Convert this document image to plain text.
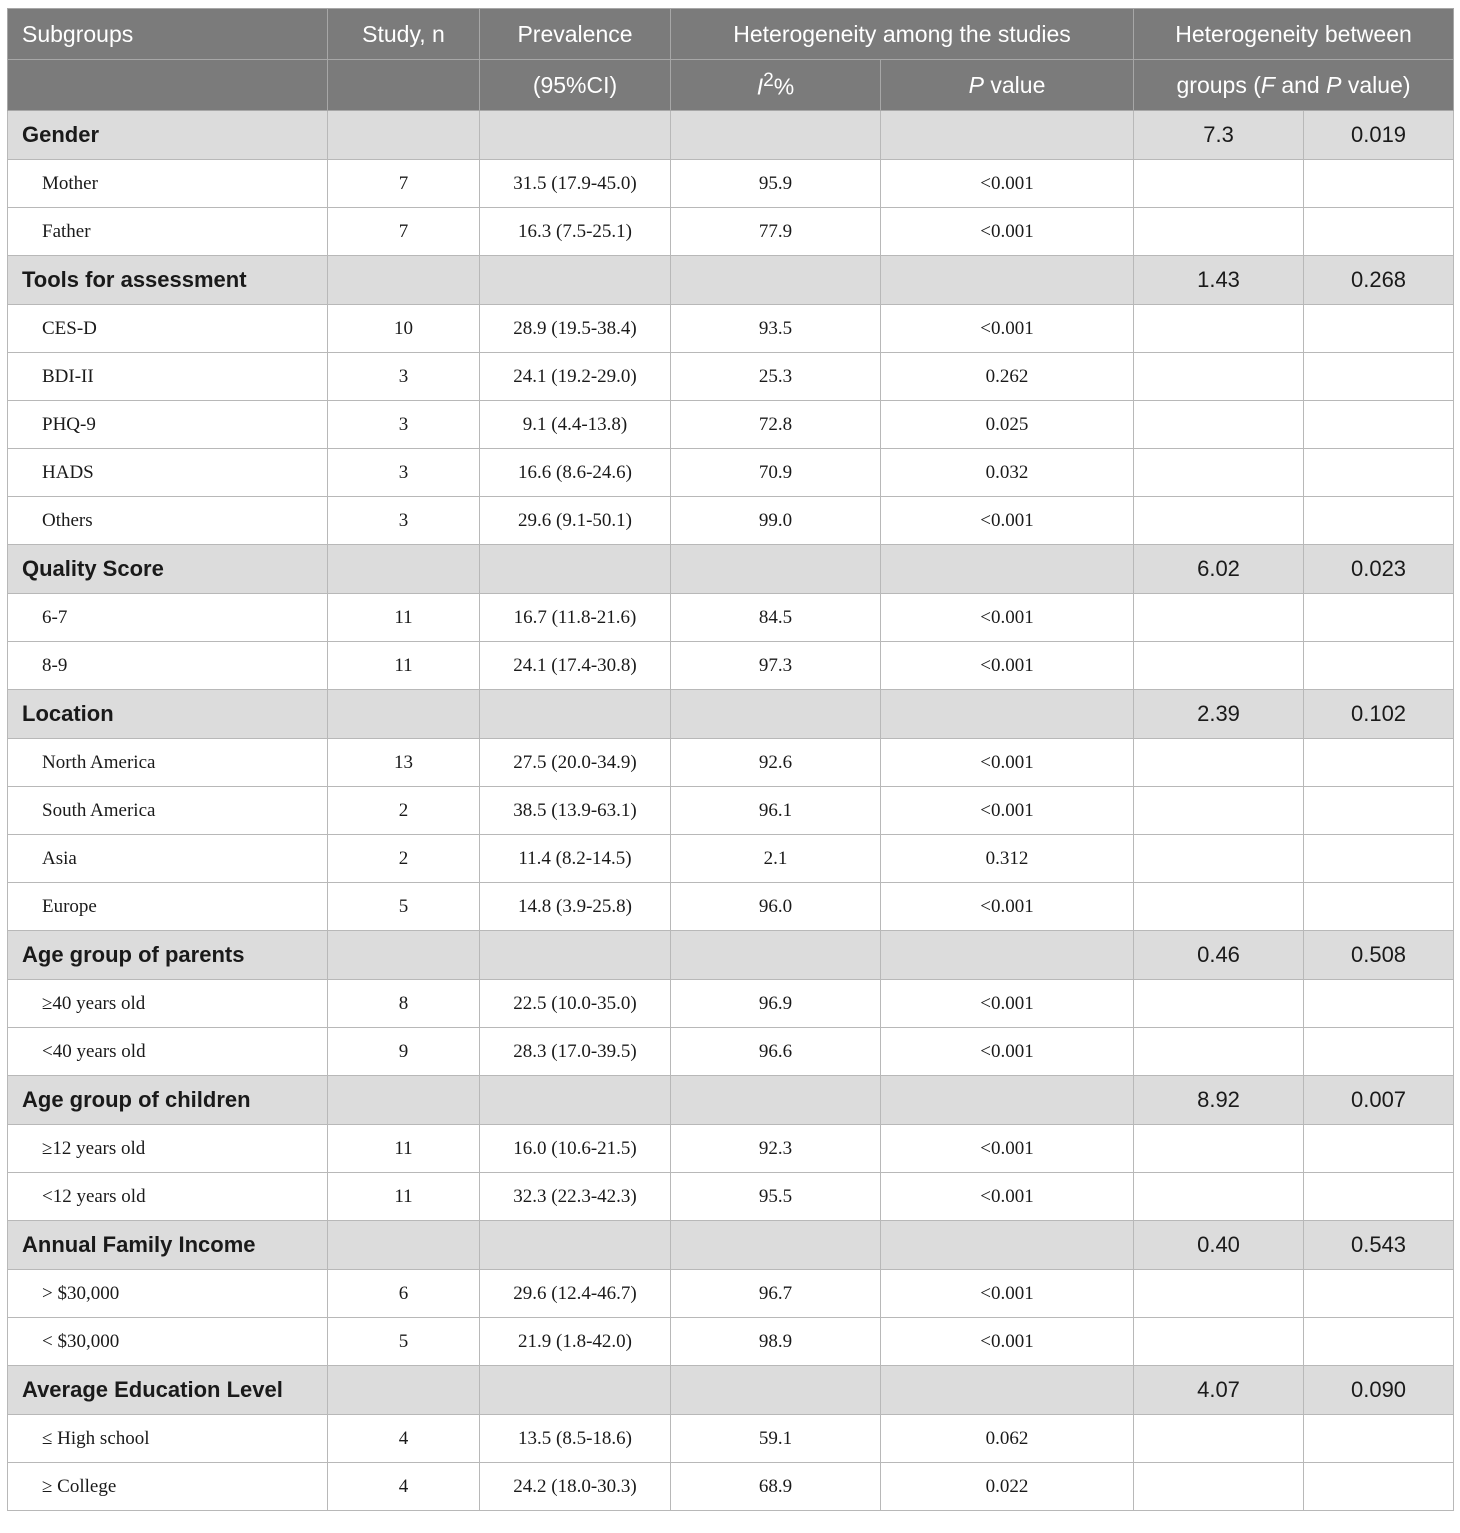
Subgroups	Study, n	Prevalence	Heterogeneity among the studies		Heterogeneity between	
		(95%CI)	$I^2\%$	P value	groups (F and P value)	
Gender					7.3	0.019
Mother	7	31.5 (17.9-45.0)	95.9	<0.001		
Father	7	16.3 (7.5-25.1)	77.9	<0.001		
Tools for assessment					1.43	0.268
CES-D	10	28.9 (19.5-38.4)	93.5	<0.001		
BDI-II	3	24.1 (19.2-29.0)	25.3	0.262		
PHQ-9	3	9.1 (4.4-13.8)	72.8	0.025		
HADS	3	16.6 (8.6-24.6)	70.9	0.032		
Others	3	29.6 (9.1-50.1)	99.0	<0.001		
Quality Score					6.02	0.023
6-7	11	16.7 (11.8-21.6)	84.5	<0.001		
8-9	11	24.1 (17.4-30.8)	97.3	<0.001		
Location					2.39	0.102
North America	13	27.5 (20.0-34.9)	92.6	<0.001		
South America	2	38.5 (13.9-63.1)	96.1	<0.001		
Asia	2	11.4 (8.2-14.5)	2.1	0.312		
Europe	5	14.8 (3.9-25.8)	96.0	<0.001		
Age group of parents					0.46	0.508
≥40 years old	8	22.5 (10.0-35.0)	96.9	<0.001		
<40 years old	9	28.3 (17.0-39.5)	96.6	<0.001		
Age group of children					8.92	0.007
≥12 years old	11	16.0 (10.6-21.5)	92.3	<0.001		
<12 years old	11	32.3 (22.3-42.3)	95.5	<0.001		
Annual Family Income					0.40	0.543
> $30,000	6	29.6 (12.4-46.7)	96.7	<0.001		
< $30,000	5	21.9 (1.8-42.0)	98.9	<0.001		
Average Education Level					4.07	0.090
≤ High school	4	13.5 (8.5-18.6)	59.1	0.062		
≥ College	4	24.2 (18.0-30.3)	68.9	0.022		
